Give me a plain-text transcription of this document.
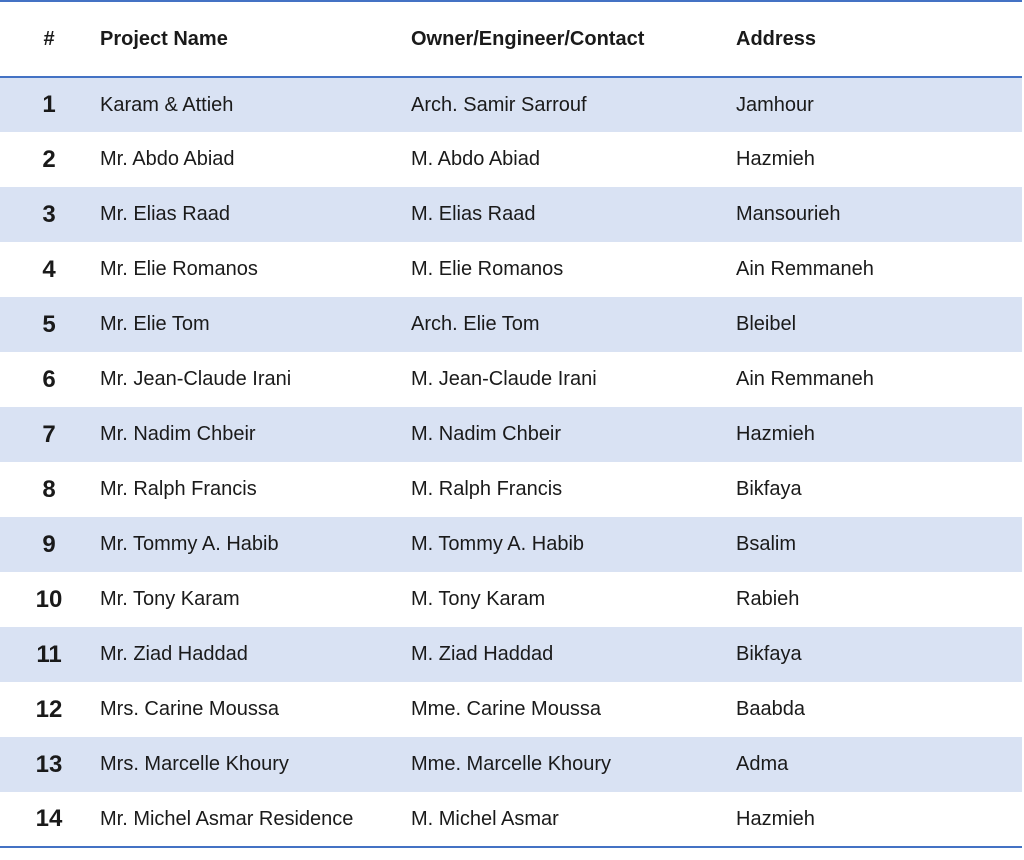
#	Project Name	Owner/Engineer/Contact	Address
1	Karam & Attieh	Arch. Samir Sarrouf	Jamhour
2	Mr. Abdo Abiad	M. Abdo Abiad	Hazmieh
3	Mr. Elias Raad	M. Elias Raad	Mansourieh
4	Mr. Elie Romanos	M. Elie Romanos	Ain Remmaneh
5	Mr. Elie Tom	Arch. Elie Tom	Bleibel
6	Mr. Jean-Claude Irani	M. Jean-Claude Irani	Ain Remmaneh
7	Mr. Nadim Chbeir	M. Nadim Chbeir	Hazmieh
8	Mr. Ralph Francis	M. Ralph Francis	Bikfaya
9	Mr. Tommy A. Habib	M. Tommy A. Habib	Bsalim
10	Mr. Tony Karam	M. Tony Karam	Rabieh
11	Mr. Ziad Haddad	M. Ziad Haddad	Bikfaya
12	Mrs. Carine Moussa	Mme. Carine Moussa	Baabda
13	Mrs. Marcelle Khoury	Mme. Marcelle Khoury	Adma
14	Mr. Michel Asmar Residence	M. Michel Asmar	Hazmieh
